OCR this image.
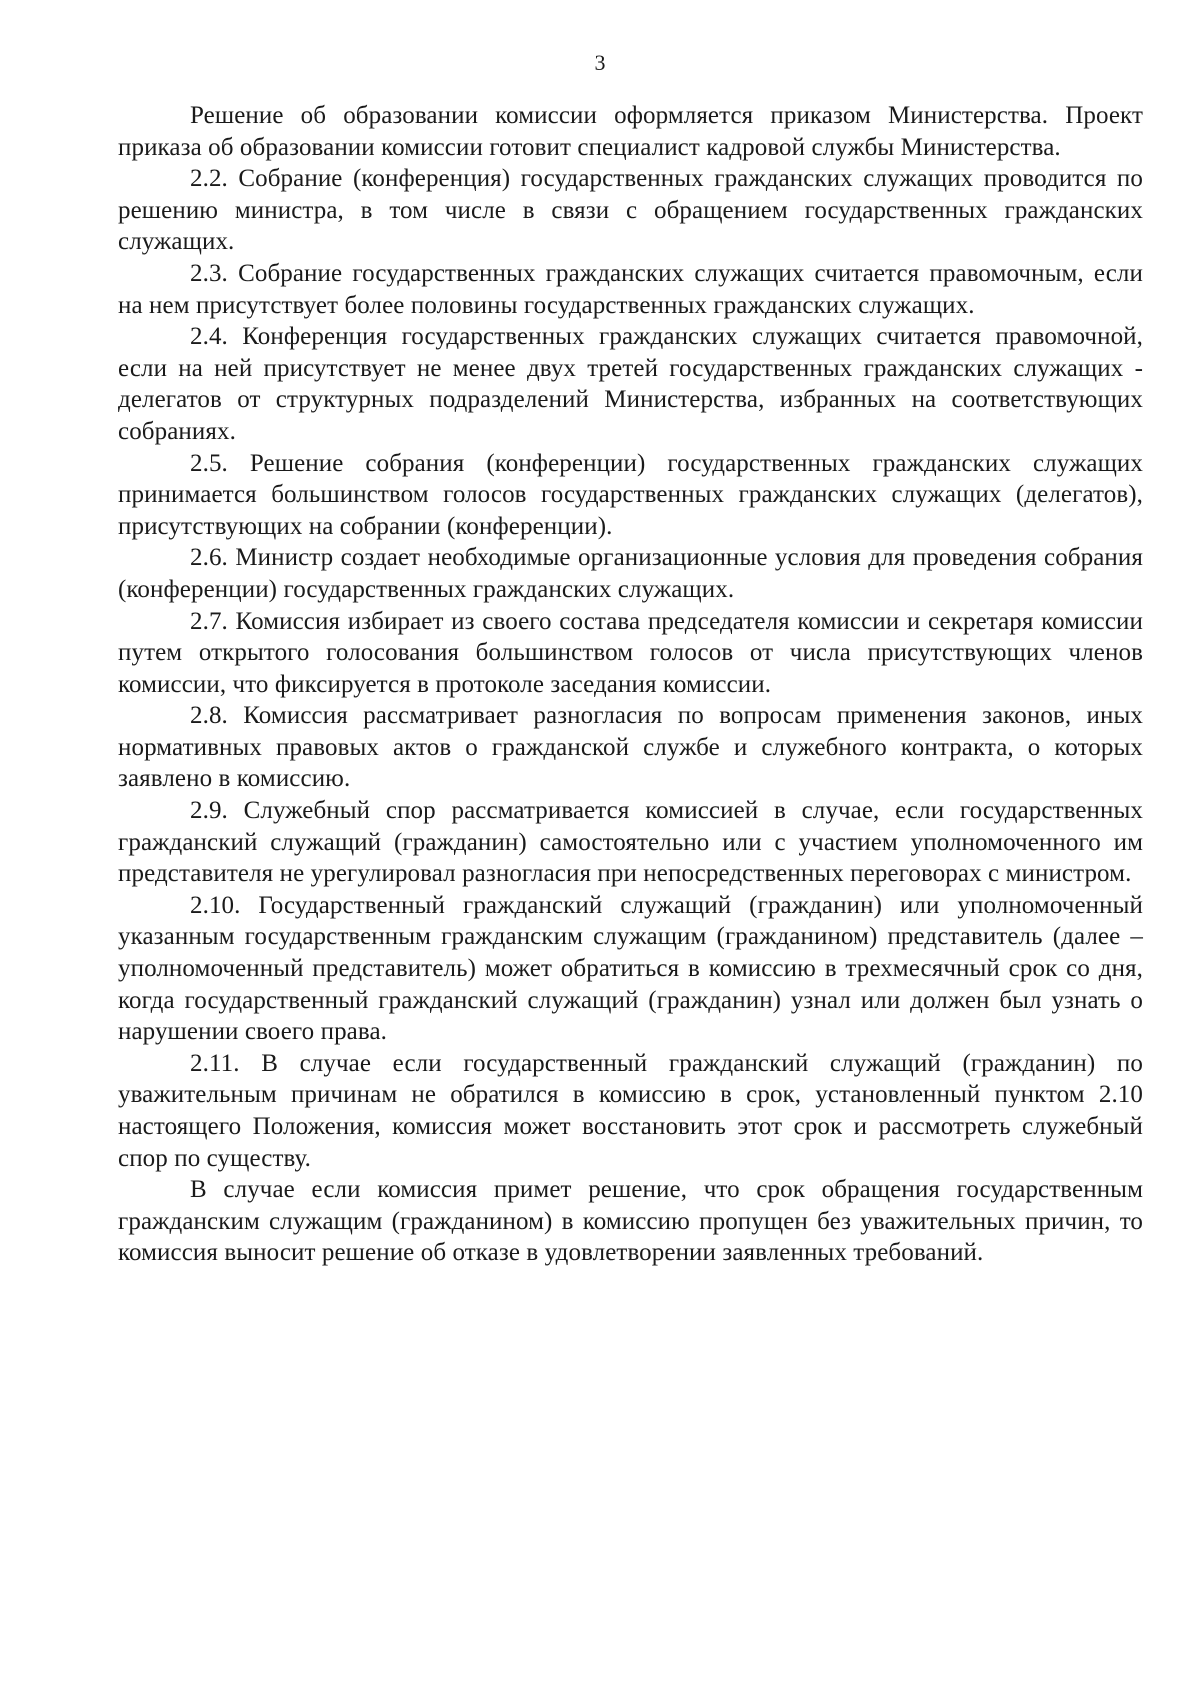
3

Решение об образовании комиссии оформляется приказом Министерства. Проект приказа об образовании комиссии готовит специалист кадровой службы Министерства.

2.2. Собрание (конференция) государственных гражданских служащих проводится по решению министра, в том числе в связи с обращением государственных гражданских служащих.

2.3. Собрание государственных гражданских служащих считается правомочным, если на нем присутствует более половины государственных гражданских служащих.

2.4. Конференция государственных гражданских служащих считается правомочной, если на ней присутствует не менее двух третей государственных гражданских служащих - делегатов от структурных подразделений Министерства, избранных на соответствующих собраниях.

2.5. Решение собрания (конференции) государственных гражданских служащих принимается большинством голосов государственных гражданских служащих (делегатов), присутствующих на собрании (конференции).

2.6. Министр создает необходимые организационные условия для проведения собрания (конференции) государственных гражданских служащих.

2.7. Комиссия избирает из своего состава председателя комиссии и секретаря комиссии путем открытого голосования большинством голосов от числа присутствующих членов комиссии, что фиксируется в протоколе заседания комиссии.

2.8. Комиссия рассматривает разногласия по вопросам применения законов, иных нормативных правовых актов о гражданской службе и служебного контракта, о которых заявлено в комиссию.

2.9. Служебный спор рассматривается комиссией в случае, если государственных гражданский служащий (гражданин) самостоятельно или с участием уполномоченного им представителя не урегулировал разногласия при непосредственных переговорах с министром.

2.10. Государственный гражданский служащий (гражданин) или уполномоченный указанным государственным гражданским служащим (гражданином) представитель (далее – уполномоченный представитель) может обратиться в комиссию в трехмесячный срок со дня, когда государственный гражданский служащий (гражданин) узнал или должен был узнать о нарушении своего права.

2.11. В случае если государственный гражданский служащий (гражданин) по уважительным причинам не обратился в комиссию в срок, установленный пунктом 2.10 настоящего Положения, комиссия может восстановить этот срок и рассмотреть служебный спор по существу.

В случае если комиссия примет решение, что срок обращения государственным гражданским служащим (гражданином) в комиссию пропущен без уважительных причин, то комиссия выносит решение об отказе в удовлетворении заявленных требований.
